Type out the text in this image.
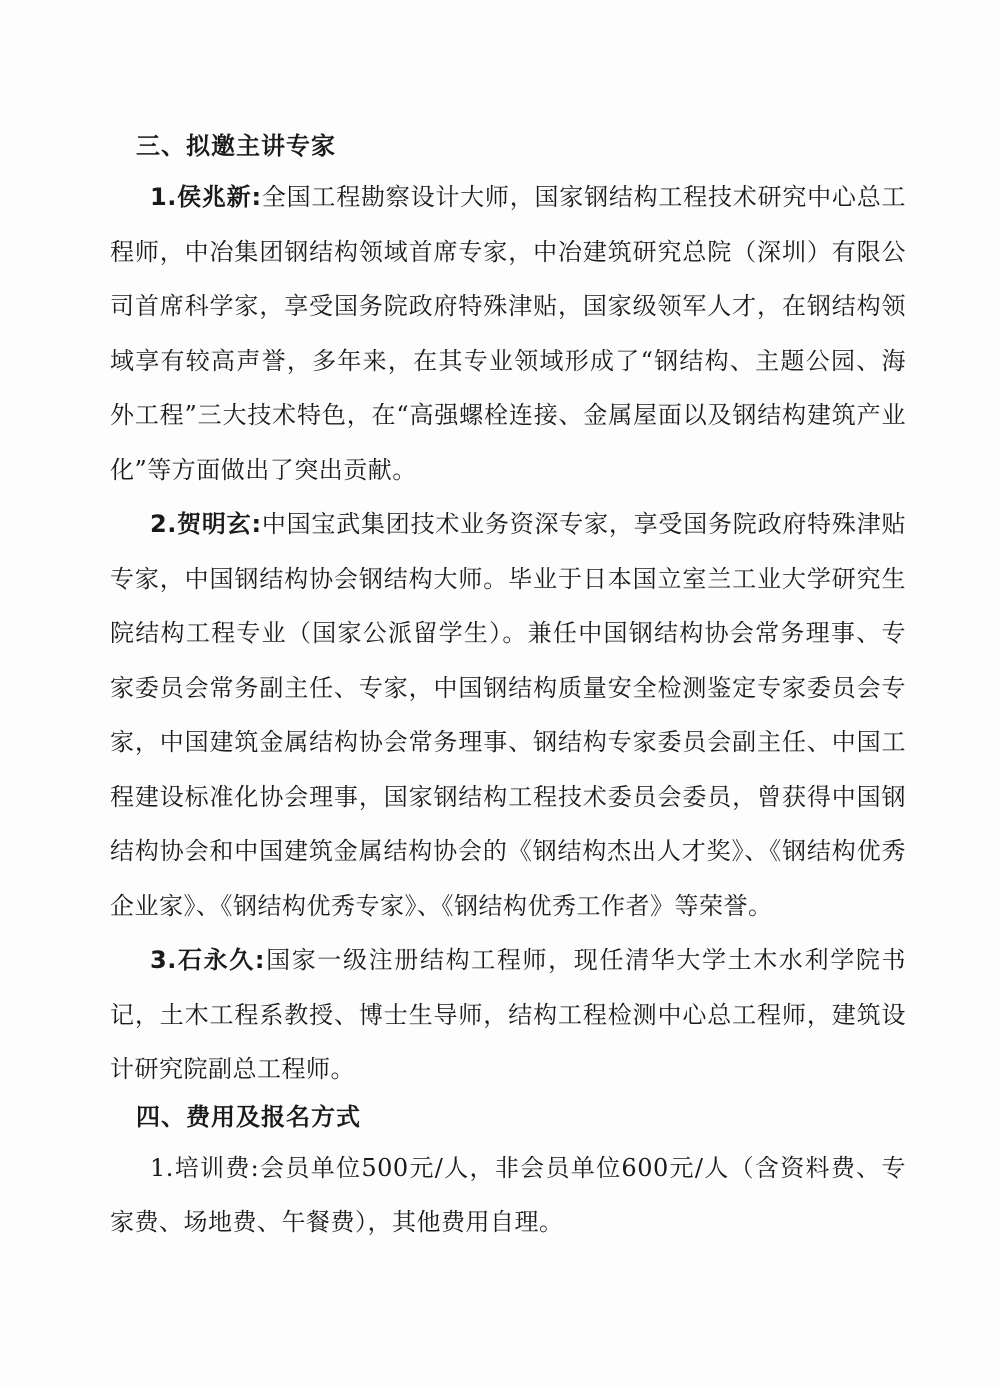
三、拟邀主讲专家

1.侯兆新:全国工程勘察设计大师，国家钢结构工程技术研究中心总工程师，中冶集团钢结构领域首席专家，中冶建筑研究总院（深圳）有限公司首席科学家，享受国务院政府特殊津贴，国家级领军人才，在钢结构领域享有较高声誉，多年来，在其专业领域形成了“钢结构、主题公园、海外工程”三大技术特色，在“高强螺栓连接、金属屋面以及钢结构建筑产业化”等方面做出了突出贡献。

2.贺明玄:中国宝武集团技术业务资深专家，享受国务院政府特殊津贴专家，中国钢结构协会钢结构大师。毕业于日本国立室兰工业大学研究生院结构工程专业（国家公派留学生）。兼任中国钢结构协会常务理事、专家委员会常务副主任、专家，中国钢结构质量安全检测鉴定专家委员会专家，中国建筑金属结构协会常务理事、钢结构专家委员会副主任、中国工程建设标准化协会理事，国家钢结构工程技术委员会委员，曾获得中国钢结构协会和中国建筑金属结构协会的《钢结构杰出人才奖》、《钢结构优秀企业家》、《钢结构优秀专家》、《钢结构优秀工作者》等荣誉。

3.石永久:国家一级注册结构工程师，现任清华大学土木水利学院书记，土木工程系教授、博士生导师，结构工程检测中心总工程师，建筑设计研究院副总工程师。

四、费用及报名方式

1.培训费:会员单位500元/人，非会员单位600元/人（含资料费、专家费、场地费、午餐费），其他费用自理。
